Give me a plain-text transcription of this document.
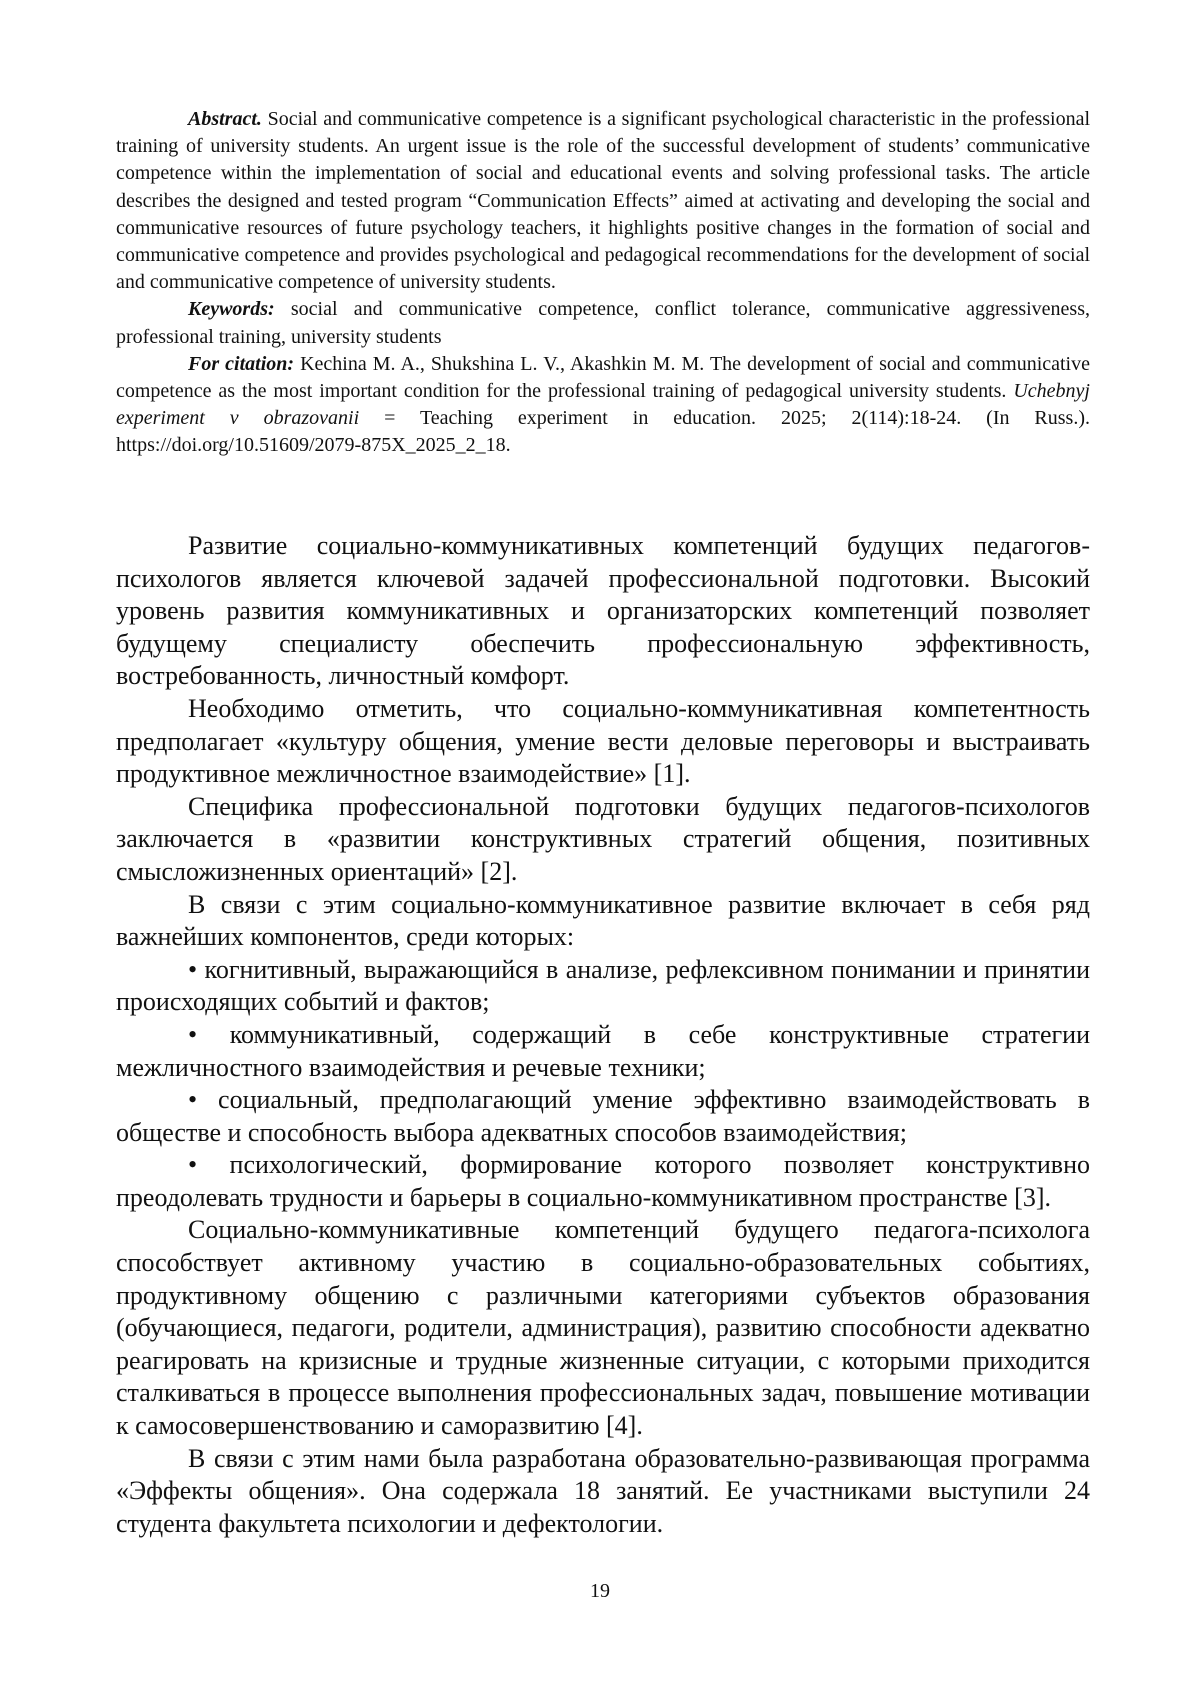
Abstract. Social and communicative competence is a significant psychological characteristic in the professional training of university students. An urgent issue is the role of the successful development of students’ communicative competence within the implementation of social and educational events and solving professional tasks. The article describes the designed and tested program “Communication Effects” aimed at activating and developing the social and communicative resources of future psychology teachers, it highlights positive changes in the formation of social and communicative competence and provides psychological and pedagogical recommendations for the development of social and communicative competence of university students.

Keywords: social and communicative competence, conflict tolerance, communicative aggressiveness, professional training, university students

For citation: Kechina M. A., Shukshina L. V., Akashkin M. M. The development of social and communicative competence as the most important condition for the professional training of pedagogical university students. Uchebnyj experiment v obrazovanii = Teaching experiment in education. 2025; 2(114):18-24. (In Russ.). https://doi.org/10.51609/2079-875X_2025_2_18.

Развитие социально-коммуникативных компетенций будущих педагогов-психологов является ключевой задачей профессиональной подготовки. Высокий уровень развития коммуникативных и организаторских компетенций позволяет будущему специалисту обеспечить профессиональную эффективность, востребованность, личностный комфорт.

Необходимо отметить, что социально-коммуникативная компетентность предполагает «культуру общения, умение вести деловые переговоры и выстраивать продуктивное межличностное взаимодействие» [1].

Специфика профессиональной подготовки будущих педагогов-психологов заключается в «развитии конструктивных стратегий общения, позитивных смысложизненных ориентаций» [2].

В связи с этим социально-коммуникативное развитие включает в себя ряд важнейших компонентов, среди которых:

• когнитивный, выражающийся в анализе, рефлексивном понимании и принятии происходящих событий и фактов;

• коммуникативный, содержащий в себе конструктивные стратегии межличностного взаимодействия и речевые техники;

• социальный, предполагающий умение эффективно взаимодействовать в обществе и способность выбора адекватных способов взаимодействия;

• психологический, формирование которого позволяет конструктивно преодолевать трудности и барьеры в социально-коммуникативном пространстве [3].

Социально-коммуникативные компетенций будущего педагога-психолога способствует активному участию в социально-образовательных событиях, продуктивному общению с различными категориями субъектов образования (обучающиеся, педагоги, родители, администрация), развитию способности адекватно реагировать на кризисные и трудные жизненные ситуации, с которыми приходится сталкиваться в процессе выполнения профессиональных задач, повышение мотивации к самосовершенствованию и саморазвитию [4].

В связи с этим нами была разработана образовательно-развивающая программа «Эффекты общения». Она содержала 18 занятий. Ее участниками выступили 24 студента факультета психологии и дефектологии.

19
